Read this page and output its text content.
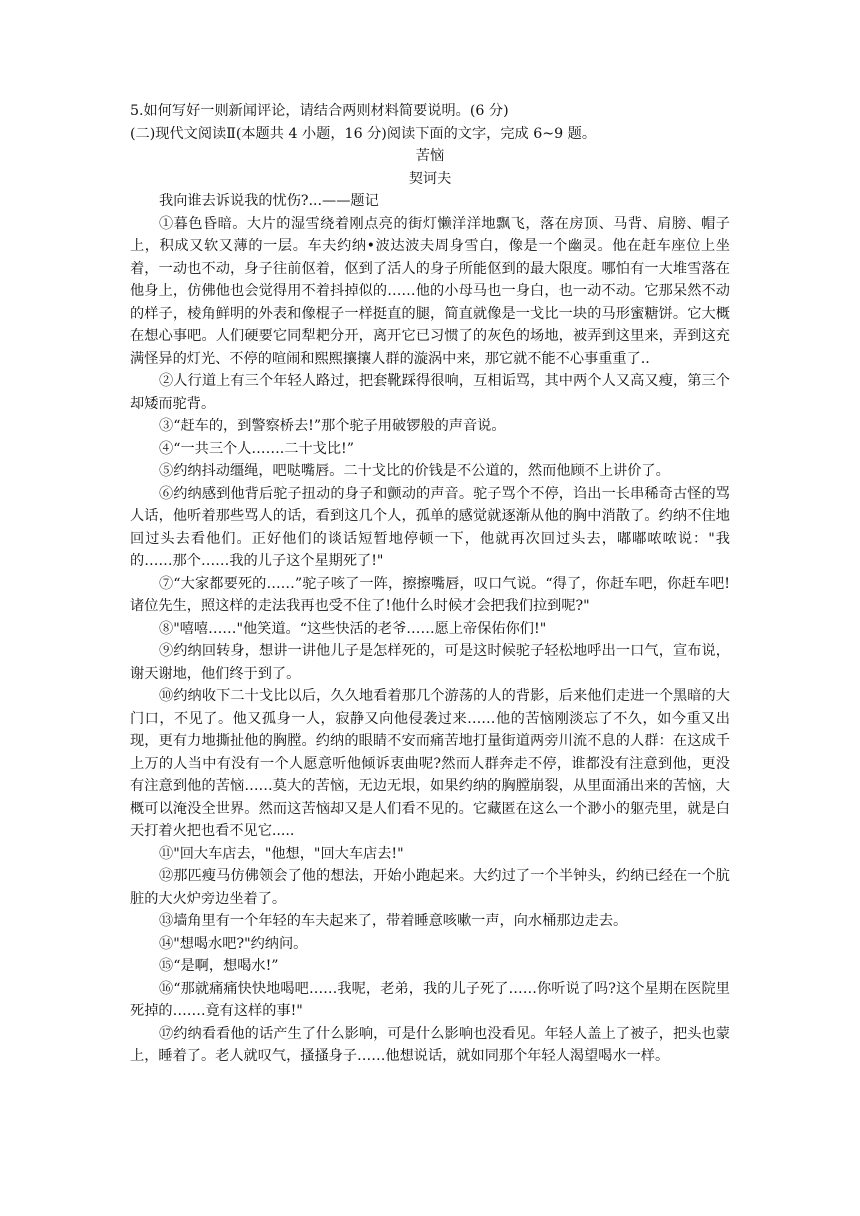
5.如何写好一则新闻评论，请结合两则材料简要说明。(6 分)
(二)现代文阅读Ⅱ(本题共 4 小题，16 分)阅读下面的文字，完成 6~9 题。
苦恼
契诃夫
我向谁去诉说我的忧伤?...——题记
①暮色昏暗。大片的湿雪绕着刚点亮的街灯懒洋洋地飘飞，落在房顶、马背、肩膀、帽子上，积成又软又薄的一层。车夫约纳•波达波夫周身雪白，像是一个幽灵。他在赶车座位上坐着，一动也不动，身子往前伛着，伛到了活人的身子所能伛到的最大限度。哪怕有一大堆雪落在他身上，仿佛他也会觉得用不着抖掉似的……他的小母马也一身白，也一动不动。它那呆然不动的样子，棱角鲜明的外表和像棍子一样挺直的腿，简直就像是一戈比一块的马形蜜糖饼。它大概在想心事吧。人们硬要它同犁耙分开，离开它已习惯了的灰色的场地，被弄到这里来，弄到这充满怪异的灯光、不停的喧闹和熙熙攘攘人群的漩涡中来，那它就不能不心事重重了..
②人行道上有三个年轻人路过，把套靴踩得很响，互相诟骂，其中两个人又高又瘦，第三个却矮而驼背。
③“赶车的，到警察桥去!”那个驼子用破锣般的声音说。
④“一共三个人…….二十戈比!”
⑤约纳抖动缰绳，吧哒嘴唇。二十戈比的价钱是不公道的，然而他顾不上讲价了。
⑥约纳感到他背后驼子扭动的身子和颤动的声音。驼子骂个不停，诌出一长串稀奇古怪的骂人话，他听着那些骂人的话，看到这几个人，孤单的感觉就逐渐从他的胸中消散了。约纳不住地回过头去看他们。正好他们的谈话短暂地停顿一下，他就再次回过头去，嘟嘟哝哝说："我的……那个……我的儿子这个星期死了!"
⑦“大家都要死的……”驼子咳了一阵，擦擦嘴唇，叹口气说。“得了，你赶车吧，你赶车吧!诸位先生，照这样的走法我再也受不住了!他什么时候才会把我们拉到呢?"
⑧"嘻嘻……"他笑道。“这些快活的老爷……愿上帝保佑你们!"
⑨约纳回转身，想讲一讲他儿子是怎样死的，可是这时候驼子轻松地呼出一口气，宣布说，谢天谢地，他们终于到了。
⑩约纳收下二十戈比以后，久久地看着那几个游荡的人的背影，后来他们走进一个黑暗的大门口，不见了。他又孤身一人，寂静又向他侵袭过来……他的苦恼刚淡忘了不久，如今重又出现，更有力地撕扯他的胸膛。约纳的眼睛不安而痛苦地打量街道两旁川流不息的人群：在这成千上万的人当中有没有一个人愿意听他倾诉衷曲呢?然而人群奔走不停，谁都没有注意到他，更没有注意到他的苦恼……莫大的苦恼，无边无垠，如果约纳的胸膛崩裂，从里面涌出来的苦恼，大概可以淹没全世界。然而这苦恼却又是人们看不见的。它藏匿在这么一个渺小的躯壳里，就是白天打着火把也看不见它.....
⑪"回大车店去，"他想，"回大车店去!"
⑫那匹瘦马仿佛领会了他的想法，开始小跑起来。大约过了一个半钟头，约纳已经在一个肮脏的大火炉旁边坐着了。
⑬墙角里有一个年轻的车夫起来了，带着睡意咳嗽一声，向水桶那边走去。
⑭"想喝水吧?"约纳问。
⑮“是啊，想喝水!”
⑯“那就痛痛快快地喝吧……我呢，老弟，我的儿子死了……你听说了吗?这个星期在医院里死掉的…….竟有这样的事!"
⑰约纳看看他的话产生了什么影响，可是什么影响也没看见。年轻人盖上了被子，把头也蒙上，睡着了。老人就叹气，搔搔身子……他想说话，就如同那个年轻人渴望喝水一样。
